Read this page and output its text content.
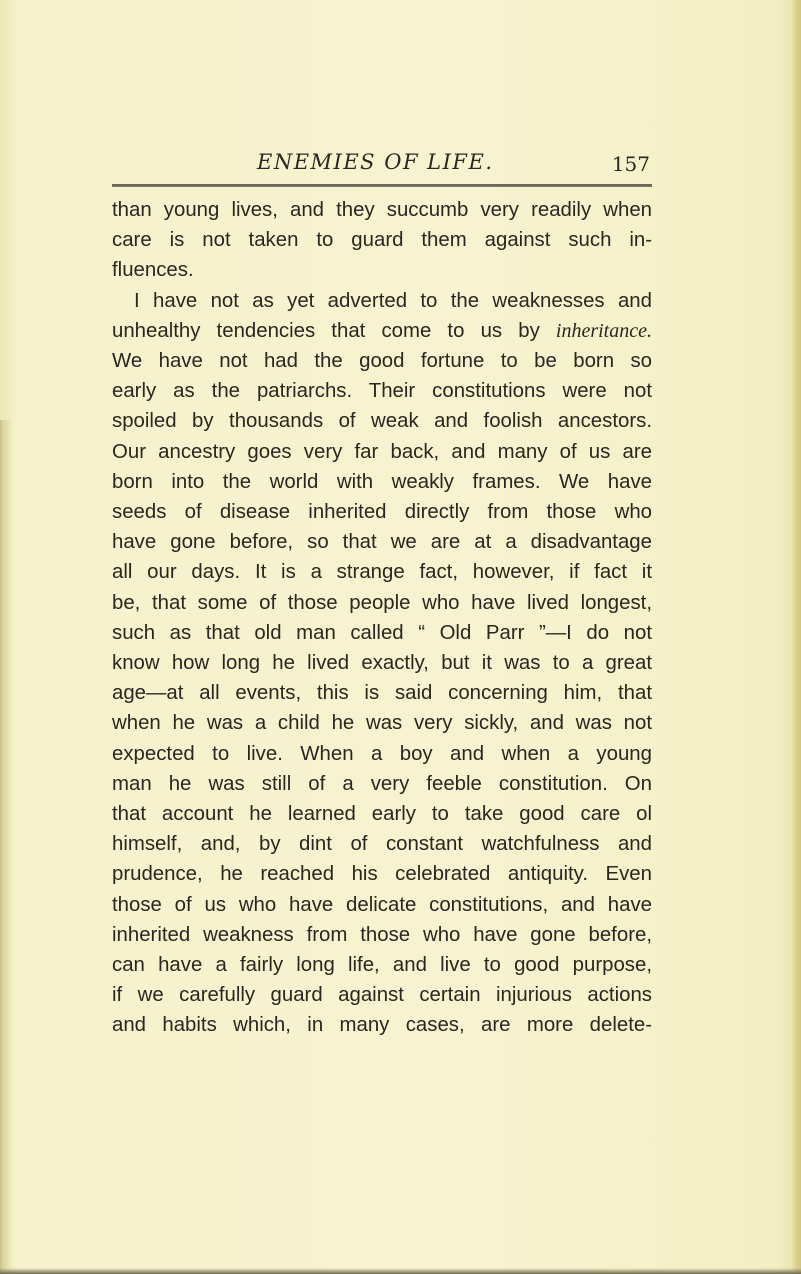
ENEMIES OF LIFE.	157
than young lives, and they succumb very readily when
care is not taken to guard them against such in-
fluences.
I have not as yet adverted to the weaknesses and
unhealthy tendencies that come to us by inheritance.
We have not had the good fortune to be born so
early as the patriarchs. Their constitutions were not
spoiled by thousands of weak and foolish ancestors.
Our ancestry goes very far back, and many of us are
born into the world with weakly frames. We have
seeds of disease inherited directly from those who
have gone before, so that we are at a disadvantage
all our days. It is a strange fact, however, if fact it
be, that some of those people who have lived longest,
such as that old man called “ Old Parr ”—I do not
know how long he lived exactly, but it was to a great
age—at all events, this is said concerning him, that
when he was a child he was very sickly, and was not
expected to live. When a boy and when a young
man he was still of a very feeble constitution. On
that account he learned early to take good care ol
himself, and, by dint of constant watchfulness and
prudence, he reached his celebrated antiquity. Even
those of us who have delicate constitutions, and have
inherited weakness from those who have gone before,
can have a fairly long life, and live to good purpose,
if we carefully guard against certain injurious actions
and habits which, in many cases, are more delete-
